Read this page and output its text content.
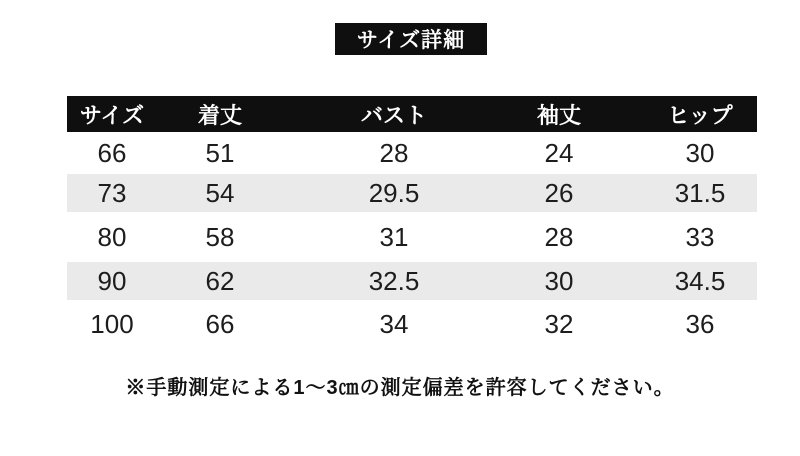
サイズ詳細
サイズ	着丈	バスト	袖丈	ヒップ
66	51	28	24	30
73	54	29.5	26	31.5
80	58	31	28	33
90	62	32.5	30	34.5
100	66	34	32	36
※手動測定による1～3㎝の測定偏差を許容してください。
